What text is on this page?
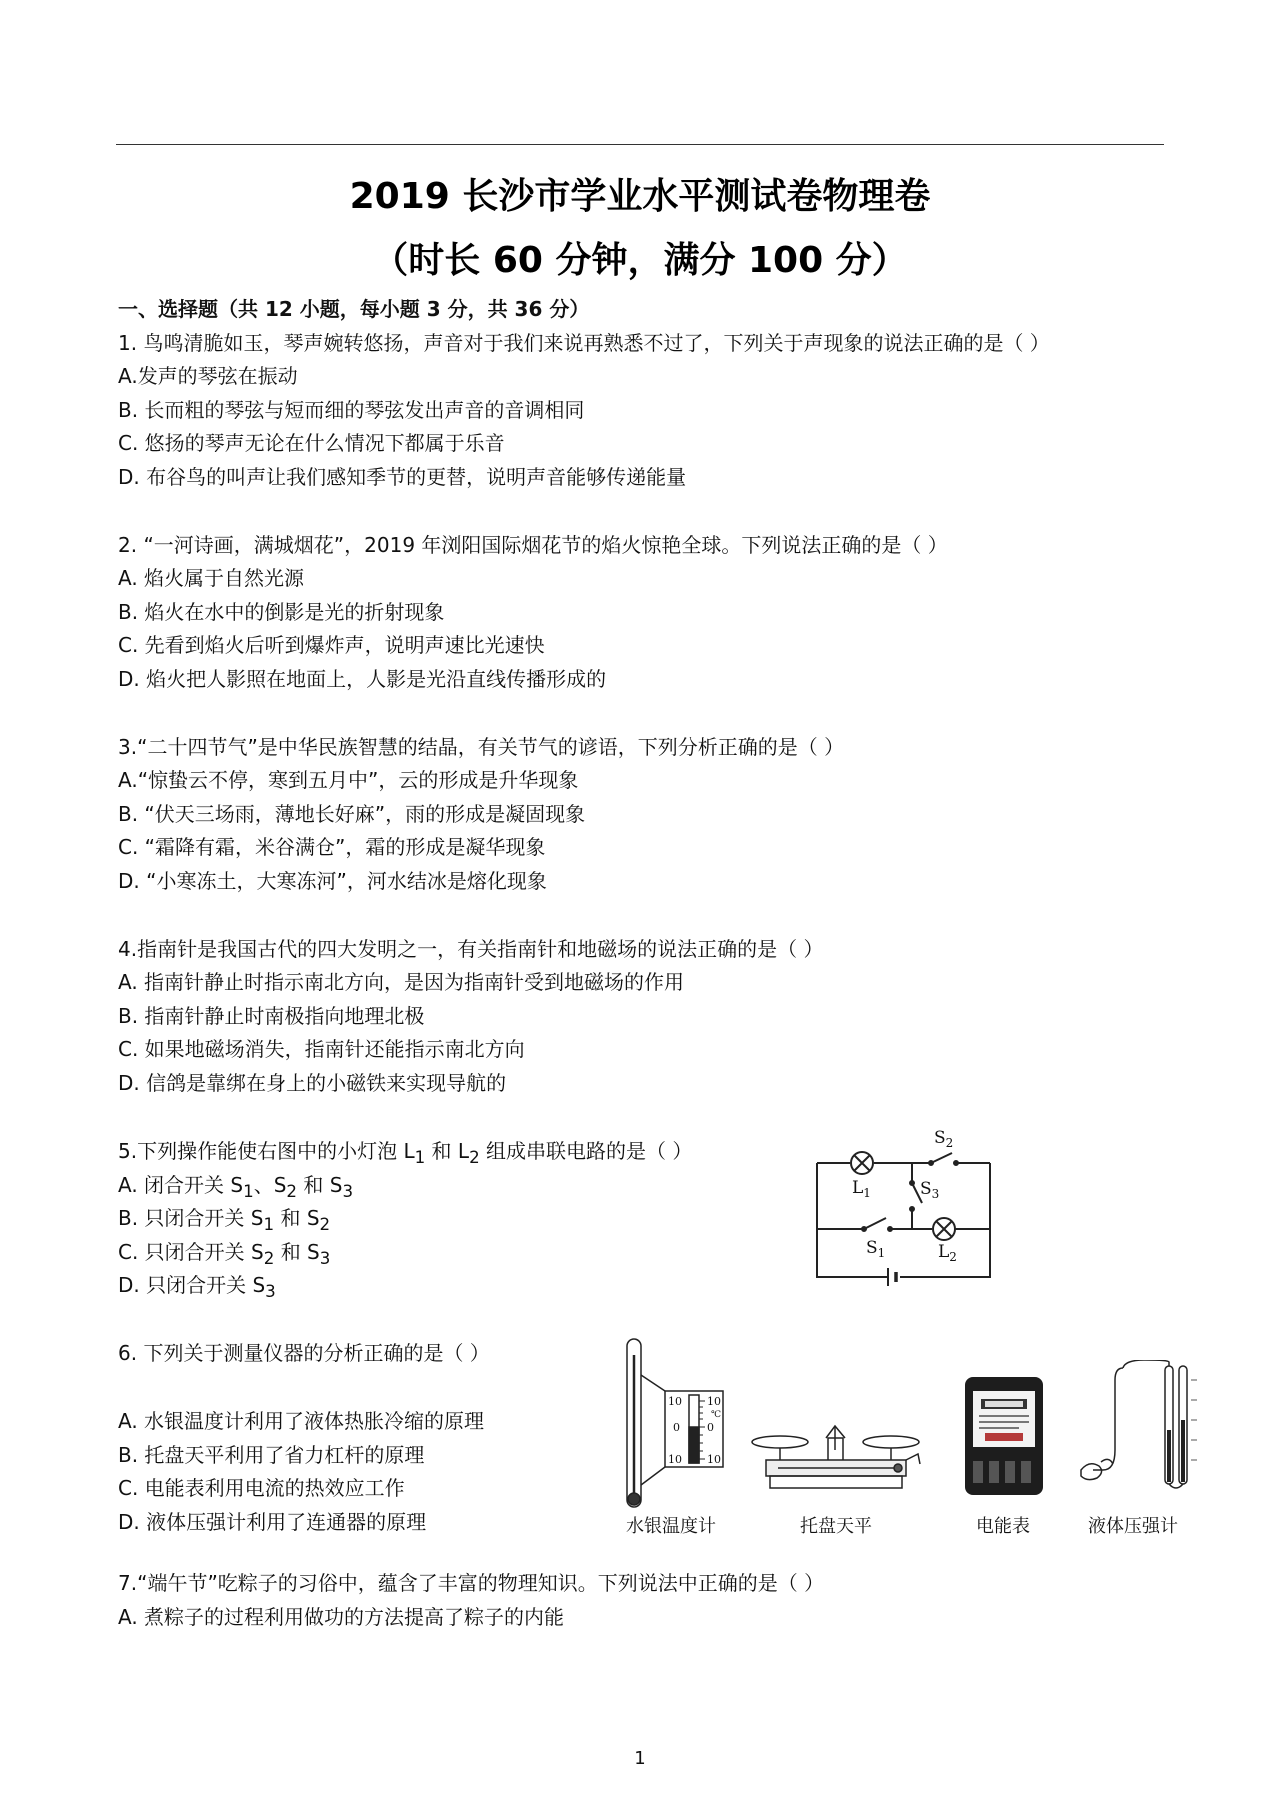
2019 长沙市学业水平测试卷物理卷
（时长 60 分钟，满分 100 分）
一、选择题（共 12 小题，每小题 3 分，共 36 分）
1. 鸟鸣清脆如玉，琴声婉转悠扬，声音对于我们来说再熟悉不过了，下列关于声现象的说法正确的是（ ）
A.发声的琴弦在振动
B. 长而粗的琴弦与短而细的琴弦发出声音的音调相同
C. 悠扬的琴声无论在什么情况下都属于乐音
D. 布谷鸟的叫声让我们感知季节的更替，说明声音能够传递能量
2. “一河诗画，满城烟花”，2019 年浏阳国际烟花节的焰火惊艳全球。下列说法正确的是（ ）
A. 焰火属于自然光源
B. 焰火在水中的倒影是光的折射现象
C. 先看到焰火后听到爆炸声，说明声速比光速快
D. 焰火把人影照在地面上，人影是光沿直线传播形成的
3.“二十四节气”是中华民族智慧的结晶，有关节气的谚语，下列分析正确的是（ ）
A.“惊蛰云不停，寒到五月中”，云的形成是升华现象
B. “伏天三场雨，薄地长好麻”，雨的形成是凝固现象
C. “霜降有霜，米谷满仓”，霜的形成是凝华现象
D. “小寒冻土，大寒冻河”，河水结冰是熔化现象
4.指南针是我国古代的四大发明之一，有关指南针和地磁场的说法正确的是（ ）
A. 指南针静止时指示南北方向，是因为指南针受到地磁场的作用
B. 指南针静止时南极指向地理北极
C. 如果地磁场消失，指南针还能指示南北方向
D. 信鸽是靠绑在身上的小磁铁来实现导航的
5.下列操作能使右图中的小灯泡 $L_1$ 和 $L_2$ 组成串联电路的是（ ）
A. 闭合开关 $S_1$、$S_2$ 和 $S_3$
B. 只闭合开关 $S_1$ 和 $S_2$
C. 只闭合开关 $S_2$ 和 $S_3$
D. 只闭合开关 $S_3$
$S_2$
$L_1$	$S_3$
$S_1$	$L_2$
6. 下列关于测量仪器的分析正确的是（ ）
A. 水银温度计利用了液体热胀冷缩的原理
B. 托盘天平利用了省力杠杆的原理
C. 电能表利用电流的热效应工作
D. 液体压强计利用了连通器的原理
10
0
10
10
0
10
℃
水银温度计	托盘天平	电能表	液体压强计
7.“端午节”吃粽子的习俗中，蕴含了丰富的物理知识。下列说法中正确的是（ ）
A. 煮粽子的过程利用做功的方法提高了粽子的内能
1
